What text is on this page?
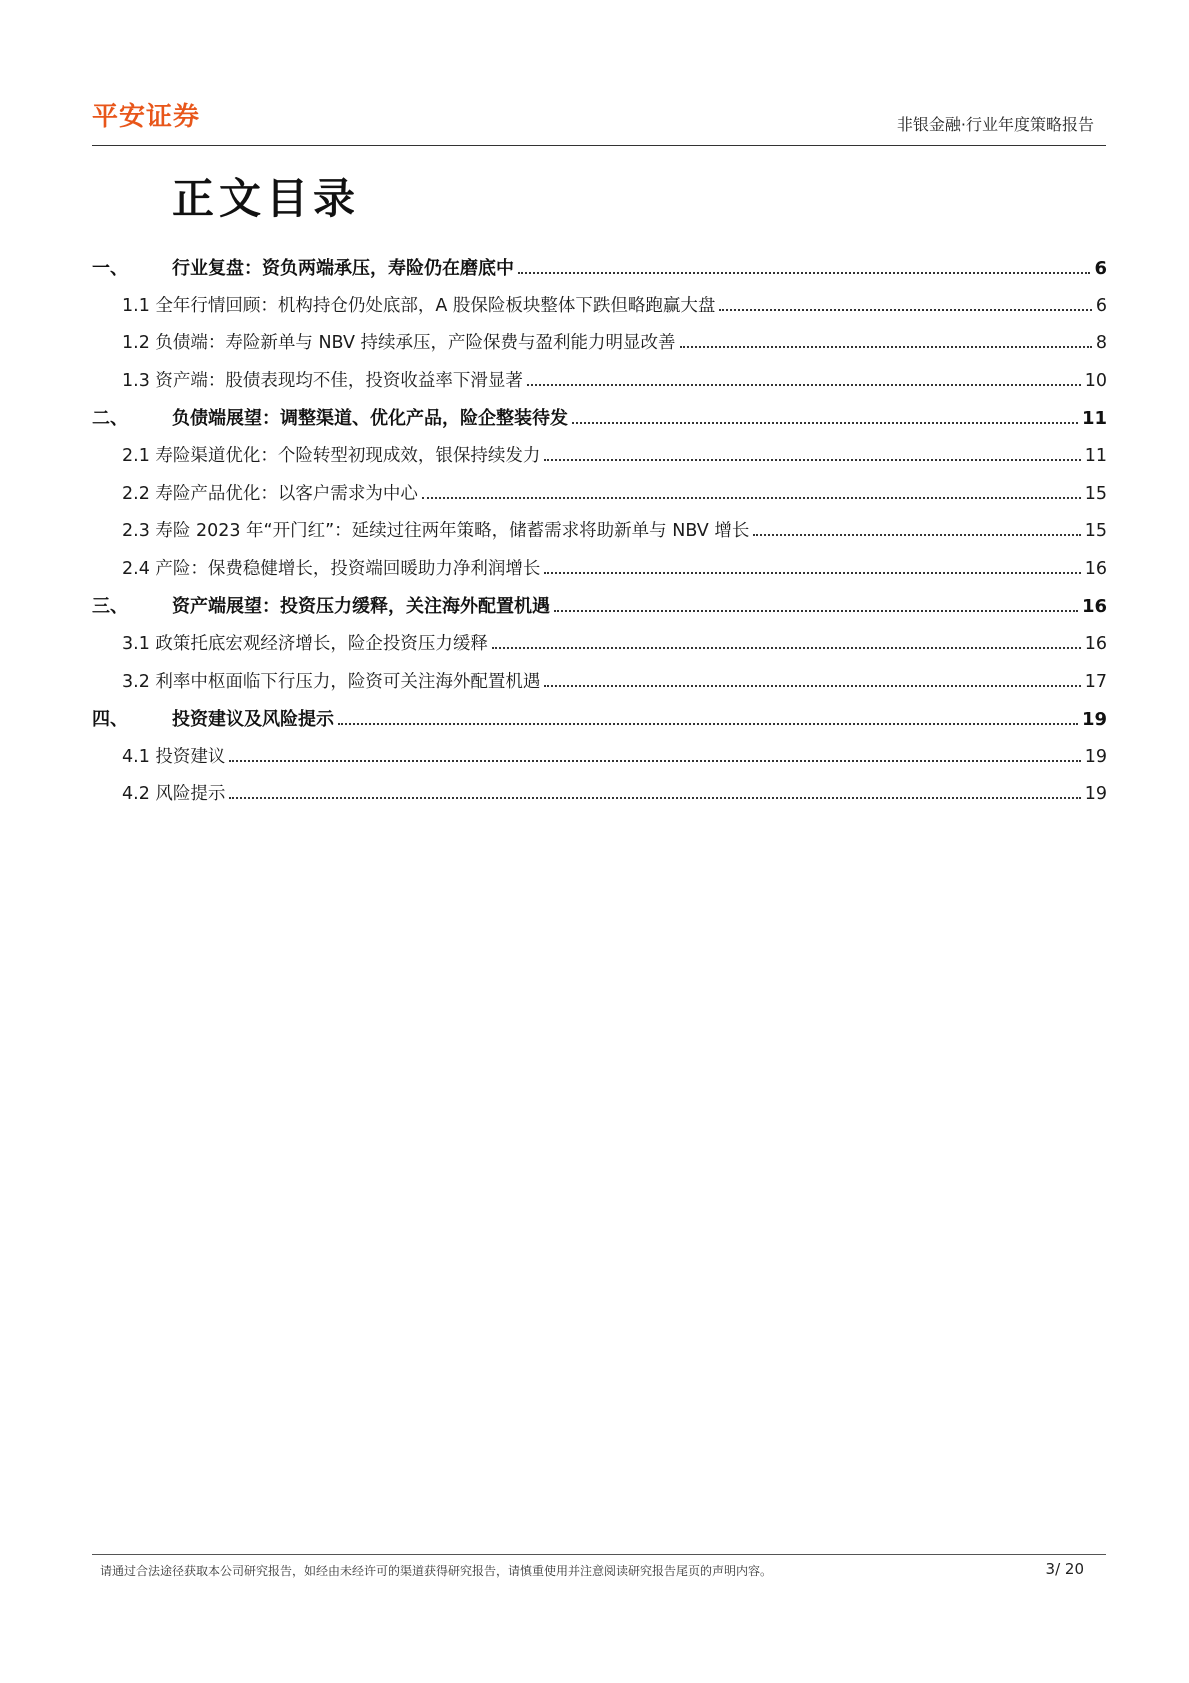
平安证券	非银金融·行业年度策略报告
正文目录
一、	行业复盘：资负两端承压，寿险仍在磨底中	6
1.1 全年行情回顾：机构持仓仍处底部，A 股保险板块整体下跌但略跑赢大盘	6
1.2 负债端：寿险新单与 NBV 持续承压，产险保费与盈利能力明显改善	8
1.3 资产端：股债表现均不佳，投资收益率下滑显著	10
二、	负债端展望：调整渠道、优化产品，险企整装待发	11
2.1 寿险渠道优化：个险转型初现成效，银保持续发力	11
2.2 寿险产品优化：以客户需求为中心	15
2.3 寿险 2023 年“开门红”：延续过往两年策略，储蓄需求将助新单与 NBV 增长	15
2.4 产险：保费稳健增长，投资端回暖助力净利润增长	16
三、	资产端展望：投资压力缓释，关注海外配置机遇	16
3.1 政策托底宏观经济增长，险企投资压力缓释	16
3.2 利率中枢面临下行压力，险资可关注海外配置机遇	17
四、	投资建议及风险提示	19
4.1 投资建议	19
4.2 风险提示	19
请通过合法途径获取本公司研究报告，如经由未经许可的渠道获得研究报告，请慎重使用并注意阅读研究报告尾页的声明内容。	3/ 20
